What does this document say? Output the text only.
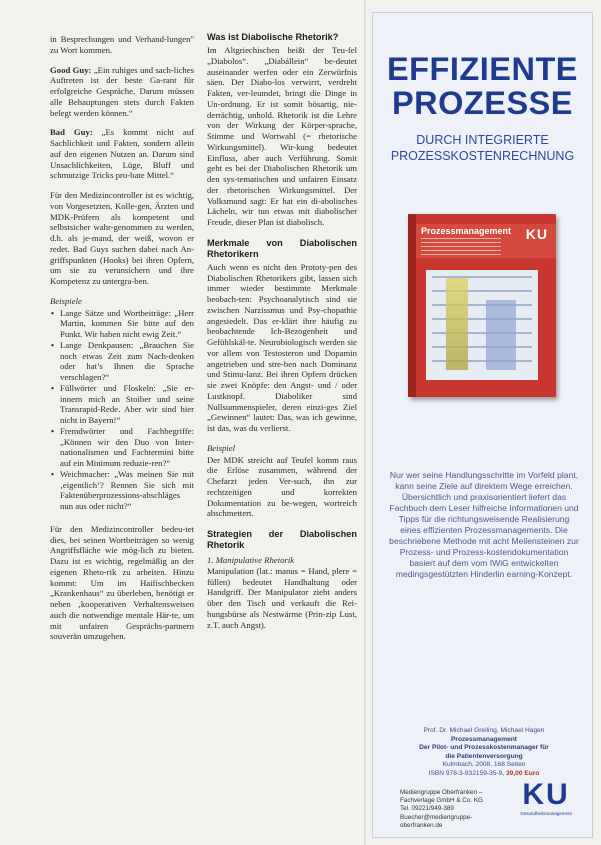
in Besprechungen und Verhand-lungen" zu Wort kommen.

Good Guy: „Ein ruhiges und sach-liches Auftreten ist der beste Ga-rant für erfolgreiche Gespräche. Darum müssen alle Behauptungen stets durch Fakten belegt werden können.“

Bad Guy: „Es kommt nicht auf Sachlichkeit und Fakten, sondern allein auf den eigenen Nutzen an. Darum sind Unsachlichkeiten, Lüge, Bluff und schmutzige Tricks pro-bate Mittel.“

Für den Medizincontroller ist es wichtig, von Vorgesetzten, Kolle-gen, Ärzten und MDK-Prüfern als kompetent und selbstsicher wahr-genommen zu werden, d.h. als je-mand, der weiß, wovon er redet. Bad Guys suchen dabei nach An-griffspunkten (Hooks) bei ihren Opfern, um sie zu verunsichern und ihre Kompetenz zu untergra-ben.

Beispiele
• Lange Sätze und Wortbeiträge: „Herr Martin, kommen Sie bitte auf den Punkt. Wir haben nicht ewig Zeit.“
• Lange Denkpausen: „Brauchen Sie noch etwas Zeit zum Nach-denken oder hat’s Ihnen die Sprache verschlagen?“
• Füllwörter und Floskeln: „Sie er-innern mich an Stoiber und seine Transrapid-Rede. Aber wir sind hier nicht in Bayern!“
• Fremdwörter und Fachbegriffe: „Können wir den Duo von Inter-nationalismen und Fachtermini bitte auf ein Minimum reduzie-ren?“
• Weichmacher: „Was meinen Sie mit ‚eigentlich‘? Rennen Sie sich mit Faktenüberprozessions-abschläges nun aus oder nicht?“

Für den Medizincontroller bedeu-tet dies, bei seinen Wortbeiträgen so wenig Angriffsfläche wie mög-lich zu bieten. Dazu ist es wichtig, regelmäßig an der eigenen Rheto-rik zu arbeiten. Hinzu kommt: Um im Haifischbecken „Krankenhaus“ zu überleben, benötigt er neben ‚kooperativen Verhaltensweisen auch die notwendige mentale Här-te, um mit unfairen Gesprächs-partnern souverän umzugehen.

Was ist Diabolische Rhetorik?

Im Altgriechischen heißt der Teu-fel „Diabolos“. „Diabállein“ be-deutet auseinander werfen oder ein Zerwürfnis säen. Der Diabo-los verwirrt, verdreht Fakten, ver-leumdet, bringt die Dinge in Un-ordnung. Er ist somit bösartig, nie-derrächtig, unhold. Rhetorik ist die Lehre von der Wirkung der Körper-sprache, Stimme und Wortwahl (= rhetorische Wirkungsmittel). Wir-kung bedeutet Einfluss, aber auch Verführung. Somit geht es bei der Diabolischen Rhetorik um den sys-tematischen und unfairen Einsatz der rhetorischen Wirkungsmittel. Der Volksmund sagt: Er hat ein di-abolisches Lächeln, wir tun etwas mit diabolischer Freude, dieser Plan ist diabolisch.

Merkmale von Diabolischen Rhetorikern

Auch wenn es nicht den Prototy-pen des Diabolischen Rhetorikers gibt, lassen sich immer wieder bestimmte Merkmale beobach-ten: Psychoanalytisch sind sie zwischen Narzissmus und Psy-chopathie angesiedelt. Das er-klärt ihre häufig zu beobachtende Ich-Bezogenheit und Gefühlskäl-te. Neurobiologisch werden sie vor allem von Testosteron und Dopamin angetrieben und stre-ben nach Dominanz und Stimu-lanz. Bei ihren Opfern drücken sie zwei Knöpfe: den Angst- und / oder Lustknopf. Diaboliker sind Nullsummenspieler, deren einzi-ges Ziel „Gewinnen“ lautet: Das, was ich gewinne, ist das, was du verlierst.

Beispiel

Der MDK streicht auf Teufel komm raus die Erlöse zusammen, während der Chefarzt jeden Ver-such, ihn zur rechtzeitigen und korrekten Dokumentation zu be-wegen, wortreich abschmettert.

Strategien der Diabolischen Rhetorik
1. Manipulative Rhetorik

Manipulation (lat.: manus = Hand, plere = füllen) bedeutet Handhaltung oder Handgriff. Der Manipulator zieht anders über den Tisch und verkauft die Rei-hungsbürse als Nestwärme (Prin-zip Lust, z.T. auch Angst).

EFFIZIENTE
PROZESSE
DURCH INTEGRIERTE
PROZESSKOSTENRECHNUNG
Prozessmanagement KU
Nur wer seine Handlungsschritte im Vorfeld plant, kann seine Ziele auf direktem Wege erreichen. Übersichtlich und praxisorientiert liefert das Fachbuch dem Leser hilfreiche Informationen und Tipps für die richtungsweisende Realisierung eines effizienten Prozessmanagements. Die beschriebene Methode mit acht Meilensteinen zur Prozess- und Prozess-kostendokumentation basiert auf dem vom IWiG entwickelten medingsgestützten Hinderlin earning-Konzept.
Prof. Dr. Michael Greiling, Michael Hagen
Prozessmanagement
Der Pilot- und Prozesskostenmanager für
die Patientenversorgung
Kulmbach, 2008, 168 Seiten
ISBN 978-3-932159-35-9, 39,00 Euro
Mediengruppe Oberfranken –
Fachverlage GmbH & Co. KG
Tel. 09221/949-389
Buecher@mediengruppe-oberfranken.de
KU
Gesundheitsmanagement
